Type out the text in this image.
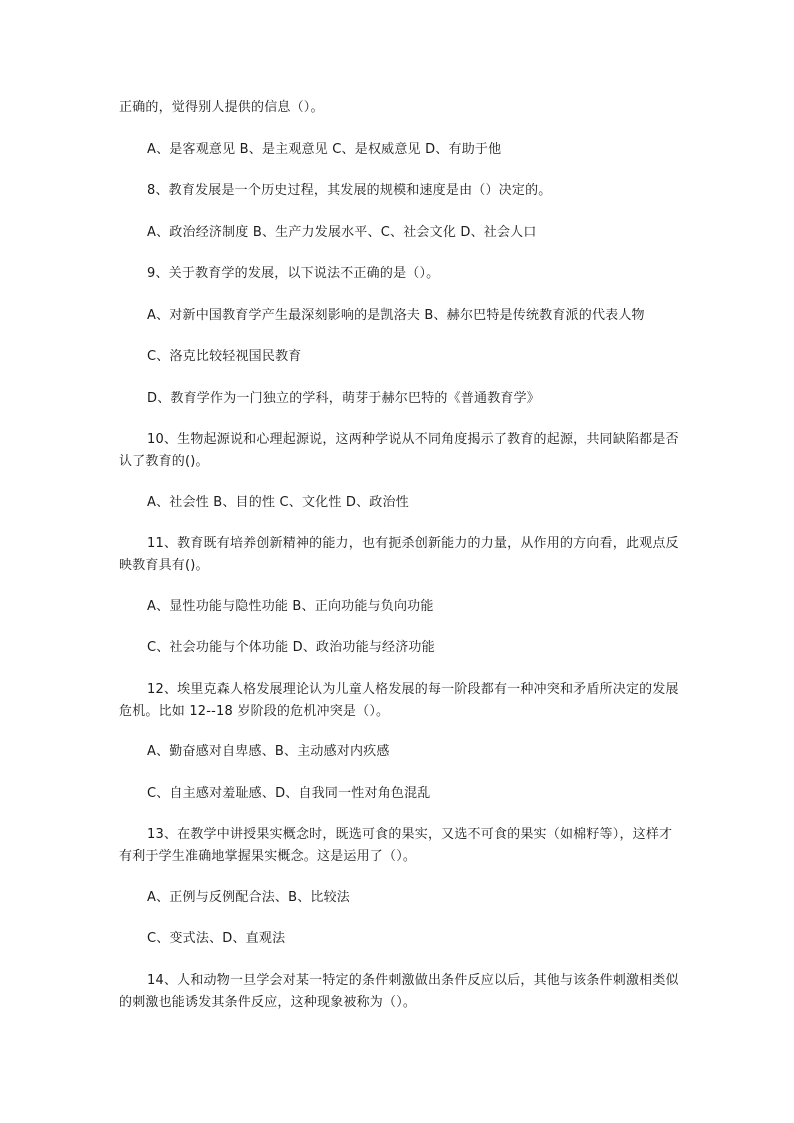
正确的，觉得别人提供的信息（）。
A、是客观意见 B、是主观意见 C、是权威意见 D、有助于他
8、教育发展是一个历史过程，其发展的规模和速度是由（）决定的。
A、政治经济制度 B、生产力发展水平、C、社会文化 D、社会人口
9、关于教育学的发展，以下说法不正确的是（）。
A、对新中国教育学产生最深刻影响的是凯洛夫 B、赫尔巴特是传统教育派的代表人物
C、洛克比较轻视国民教育
D、教育学作为一门独立的学科，萌芽于赫尔巴特的《普通教育学》
10、生物起源说和心理起源说，这两种学说从不同角度揭示了教育的起源，共同缺陷都是否认了教育的()。
A、社会性 B、目的性 C、文化性 D、政治性
11、教育既有培养创新精神的能力，也有扼杀创新能力的力量，从作用的方向看，此观点反映教育具有()。
A、显性功能与隐性功能 B、正向功能与负向功能
C、社会功能与个体功能 D、政治功能与经济功能
12、埃里克森人格发展理论认为儿童人格发展的每一阶段都有一种冲突和矛盾所决定的发展危机。比如 12--18 岁阶段的危机冲突是（）。
A、勤奋感对自卑感、B、主动感对内疚感
C、自主感对羞耻感、D、自我同一性对角色混乱
13、在教学中讲授果实概念时，既选可食的果实，又选不可食的果实（如棉籽等），这样才有利于学生准确地掌握果实概念。这是运用了（）。
A、正例与反例配合法、B、比较法
C、变式法、D、直观法
14、人和动物一旦学会对某一特定的条件刺激做出条件反应以后，其他与该条件刺激相类似的刺激也能诱发其条件反应，这种现象被称为（）。
